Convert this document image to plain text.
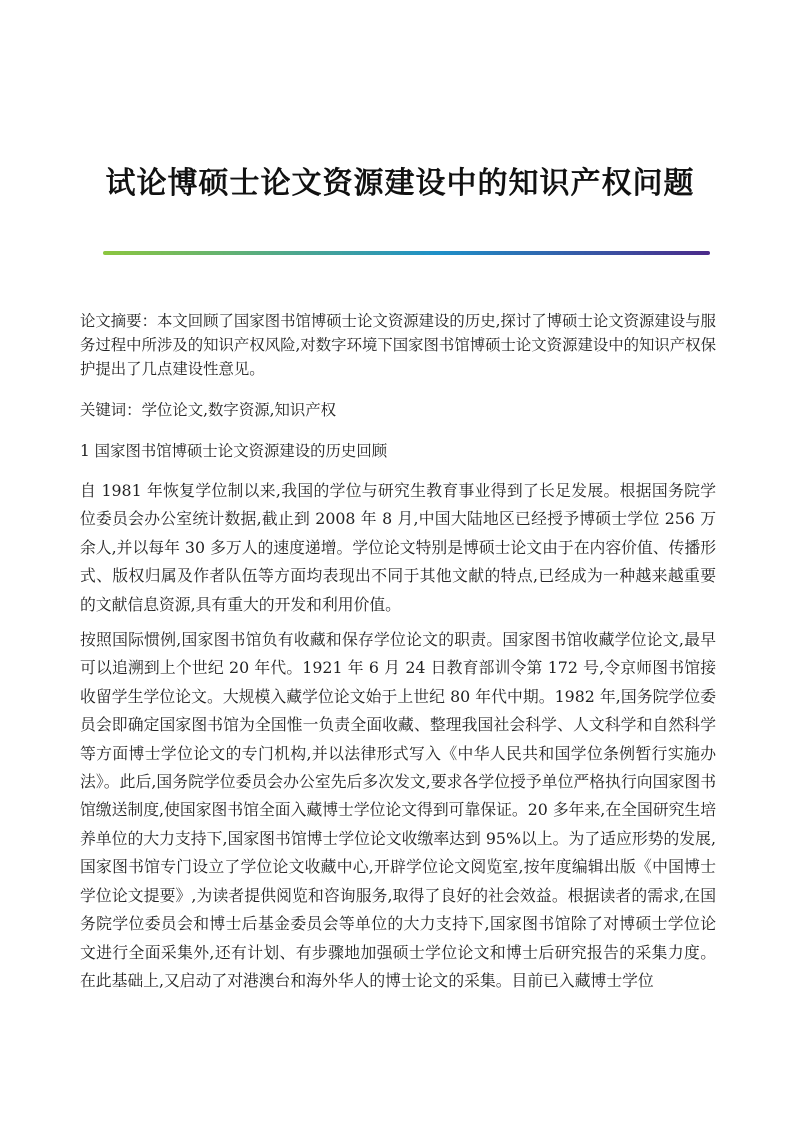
试论博硕士论文资源建设中的知识产权问题

论文摘要：本文回顾了国家图书馆博硕士论文资源建设的历史,探讨了博硕士论文资源建设与服务过程中所涉及的知识产权风险,对数字环境下国家图书馆博硕士论文资源建设中的知识产权保护提出了几点建设性意见。

关键词：学位论文,数字资源,知识产权

1 国家图书馆博硕士论文资源建设的历史回顾

自 1981 年恢复学位制以来,我国的学位与研究生教育事业得到了长足发展。根据国务院学位委员会办公室统计数据,截止到 2008 年 8 月,中国大陆地区已经授予博硕士学位 256 万余人,并以每年 30 多万人的速度递增。学位论文特别是博硕士论文由于在内容价值、传播形式、版权归属及作者队伍等方面均表现出不同于其他文献的特点,已经成为一种越来越重要的文献信息资源,具有重大的开发和利用价值。

按照国际惯例,国家图书馆负有收藏和保存学位论文的职责。国家图书馆收藏学位论文,最早可以追溯到上个世纪 20 年代。1921 年 6 月 24 日教育部训令第 172 号,令京师图书馆接收留学生学位论文。大规模入藏学位论文始于上世纪 80 年代中期。1982 年,国务院学位委员会即确定国家图书馆为全国惟一负责全面收藏、整理我国社会科学、人文科学和自然科学等方面博士学位论文的专门机构,并以法律形式写入《中华人民共和国学位条例暂行实施办法》。此后,国务院学位委员会办公室先后多次发文,要求各学位授予单位严格执行向国家图书馆缴送制度,使国家图书馆全面入藏博士学位论文得到可靠保证。20 多年来,在全国研究生培养单位的大力支持下,国家图书馆博士学位论文收缴率达到 95%以上。为了适应形势的发展,国家图书馆专门设立了学位论文收藏中心,开辟学位论文阅览室,按年度编辑出版《中国博士学位论文提要》,为读者提供阅览和咨询服务,取得了良好的社会效益。根据读者的需求,在国务院学位委员会和博士后基金委员会等单位的大力支持下,国家图书馆除了对博硕士学位论文进行全面采集外,还有计划、有步骤地加强硕士学位论文和博士后研究报告的采集力度。在此基础上,又启动了对港澳台和海外华人的博士论文的采集。目前已入藏博士学位
